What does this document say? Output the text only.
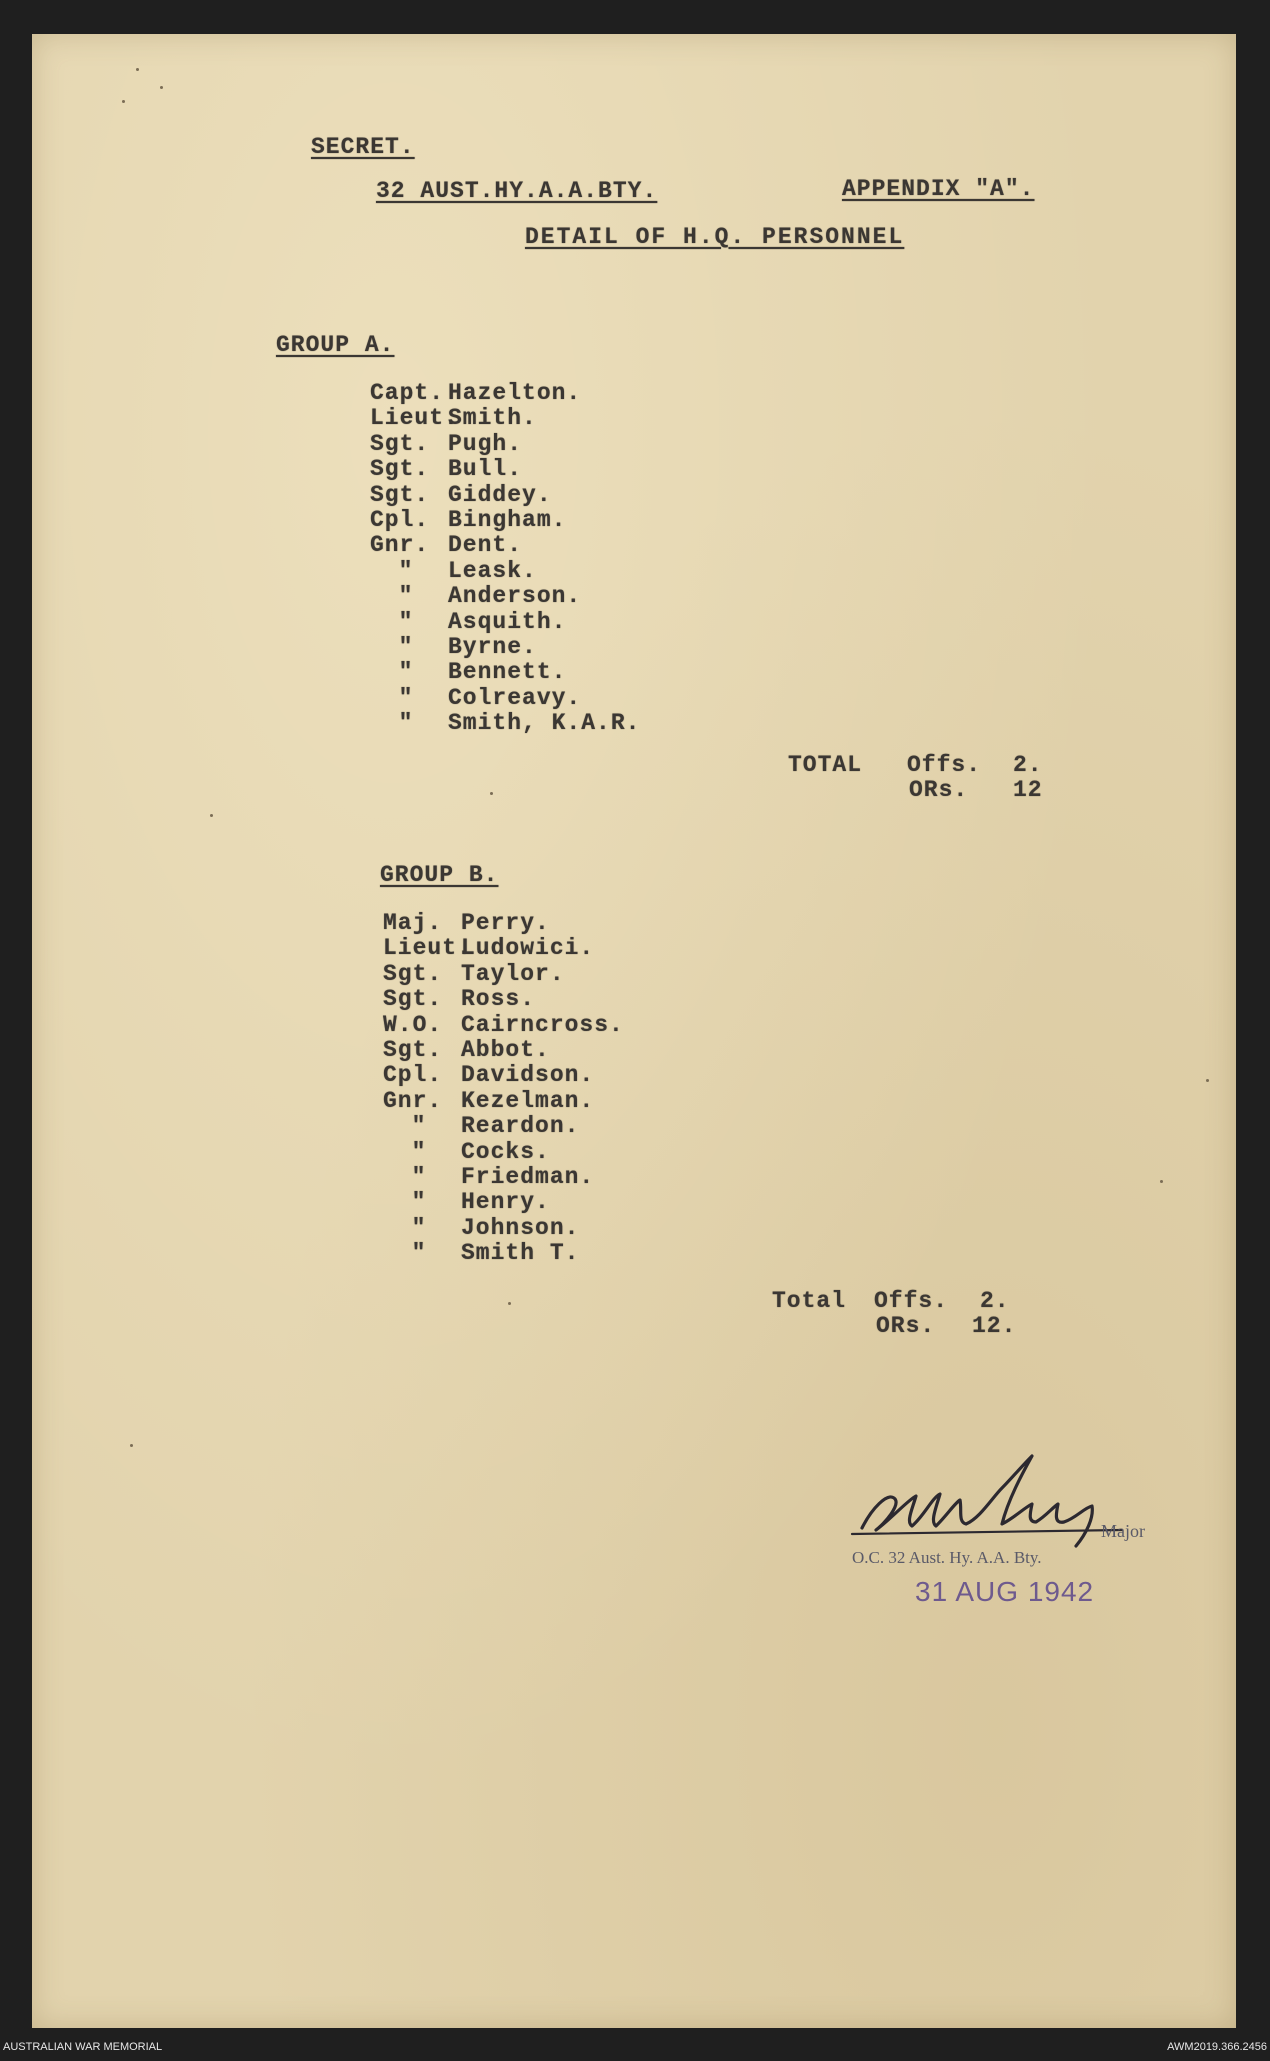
SECRET.
32 AUST.HY.A.A.BTY.	APPENDIX "A".
DETAIL OF H.Q. PERSONNEL
GROUP A.
Capt. Hazelton.
Lieut.Smith.
Sgt. Pugh.
Sgt. Bull.
Sgt. Giddey.
Cpl. Bingham.
Gnr. Dent.
" Leask.
" Anderson.
" Asquith.
" Byrne.
" Bennett.
" Colreavy.
" Smith, K.A.R.
TOTAL Offs. 2.
ORs. 12
GROUP B.
Maj. Perry.
Lieut.Ludowici.
Sgt. Taylor.
Sgt. Ross.
W.O. Cairncross.
Sgt. Abbot.
Cpl. Davidson.
Gnr. Kezelman.
" Reardon.
" Cocks.
" Friedman.
" Henry.
" Johnson.
" Smith T.
Total Offs. 2.
ORs. 12.
Major
O.C. 32 Aust. Hy. A.A. Bty.
31 AUG 1942
AUSTRALIAN WAR MEMORIAL	AWM2019.366.2456
